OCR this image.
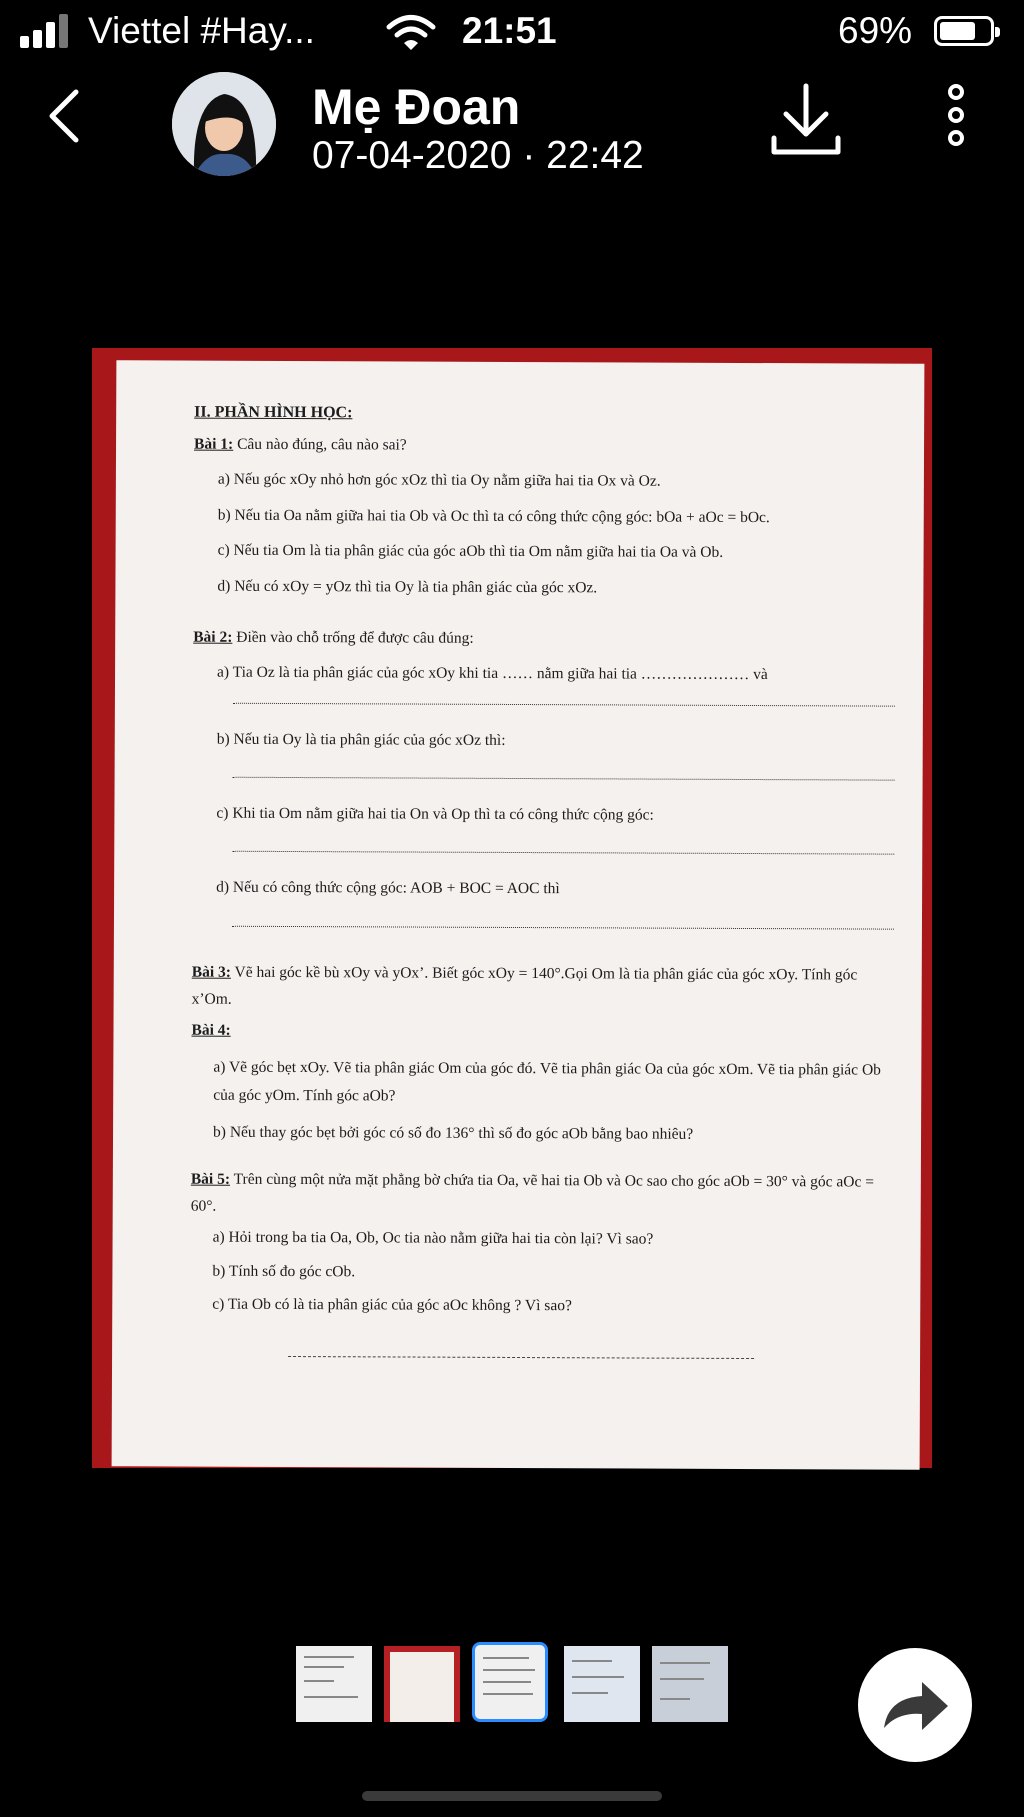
Viettel #Hay...	21:51	69%
Mẹ Đoan
07-04-2020 · 22:42

II. PHẦN HÌNH HỌC:

Bài 1: Câu nào đúng, câu nào sai?

a) Nếu góc xOy nhỏ hơn góc xOz thì tia Oy nằm giữa hai tia Ox và Oz.

b) Nếu tia Oa nằm giữa hai tia Ob và Oc thì ta có công thức cộng góc: bOa + aOc = bOc.

c) Nếu tia Om là tia phân giác của góc aOb thì tia Om nằm giữa hai tia Oa và Ob.

d) Nếu có xOy = yOz thì tia Oy là tia phân giác của góc xOz.

Bài 2: Điền vào chỗ trống để được câu đúng:

a) Tia Oz là tia phân giác của góc xOy khi tia …… nằm giữa hai tia ………………… và

b) Nếu tia Oy là tia phân giác của góc xOz thì:

c) Khi tia Om nằm giữa hai tia On và Op thì ta có công thức cộng góc:

d) Nếu có công thức cộng góc: AOB + BOC = AOC thì

Bài 3: Vẽ hai góc kề bù xOy và yOx’. Biết góc xOy = 140°.Gọi Om là tia phân giác của góc xOy. Tính góc x’Om.

Bài 4:

a) Vẽ góc bẹt xOy. Vẽ tia phân giác Om của góc đó. Vẽ tia phân giác Oa của góc xOm. Vẽ tia phân giác Ob của góc yOm. Tính góc aOb?

b) Nếu thay góc bẹt bởi góc có số đo 136° thì số đo góc aOb bằng bao nhiêu?

Bài 5: Trên cùng một nửa mặt phẳng bờ chứa tia Oa, vẽ hai tia Ob và Oc sao cho góc aOb = 30° và góc aOc = 60°.

a) Hỏi trong ba tia Oa, Ob, Oc tia nào nằm giữa hai tia còn lại? Vì sao?

b) Tính số đo góc cOb.

c) Tia Ob có là tia phân giác của góc aOc không ? Vì sao?
